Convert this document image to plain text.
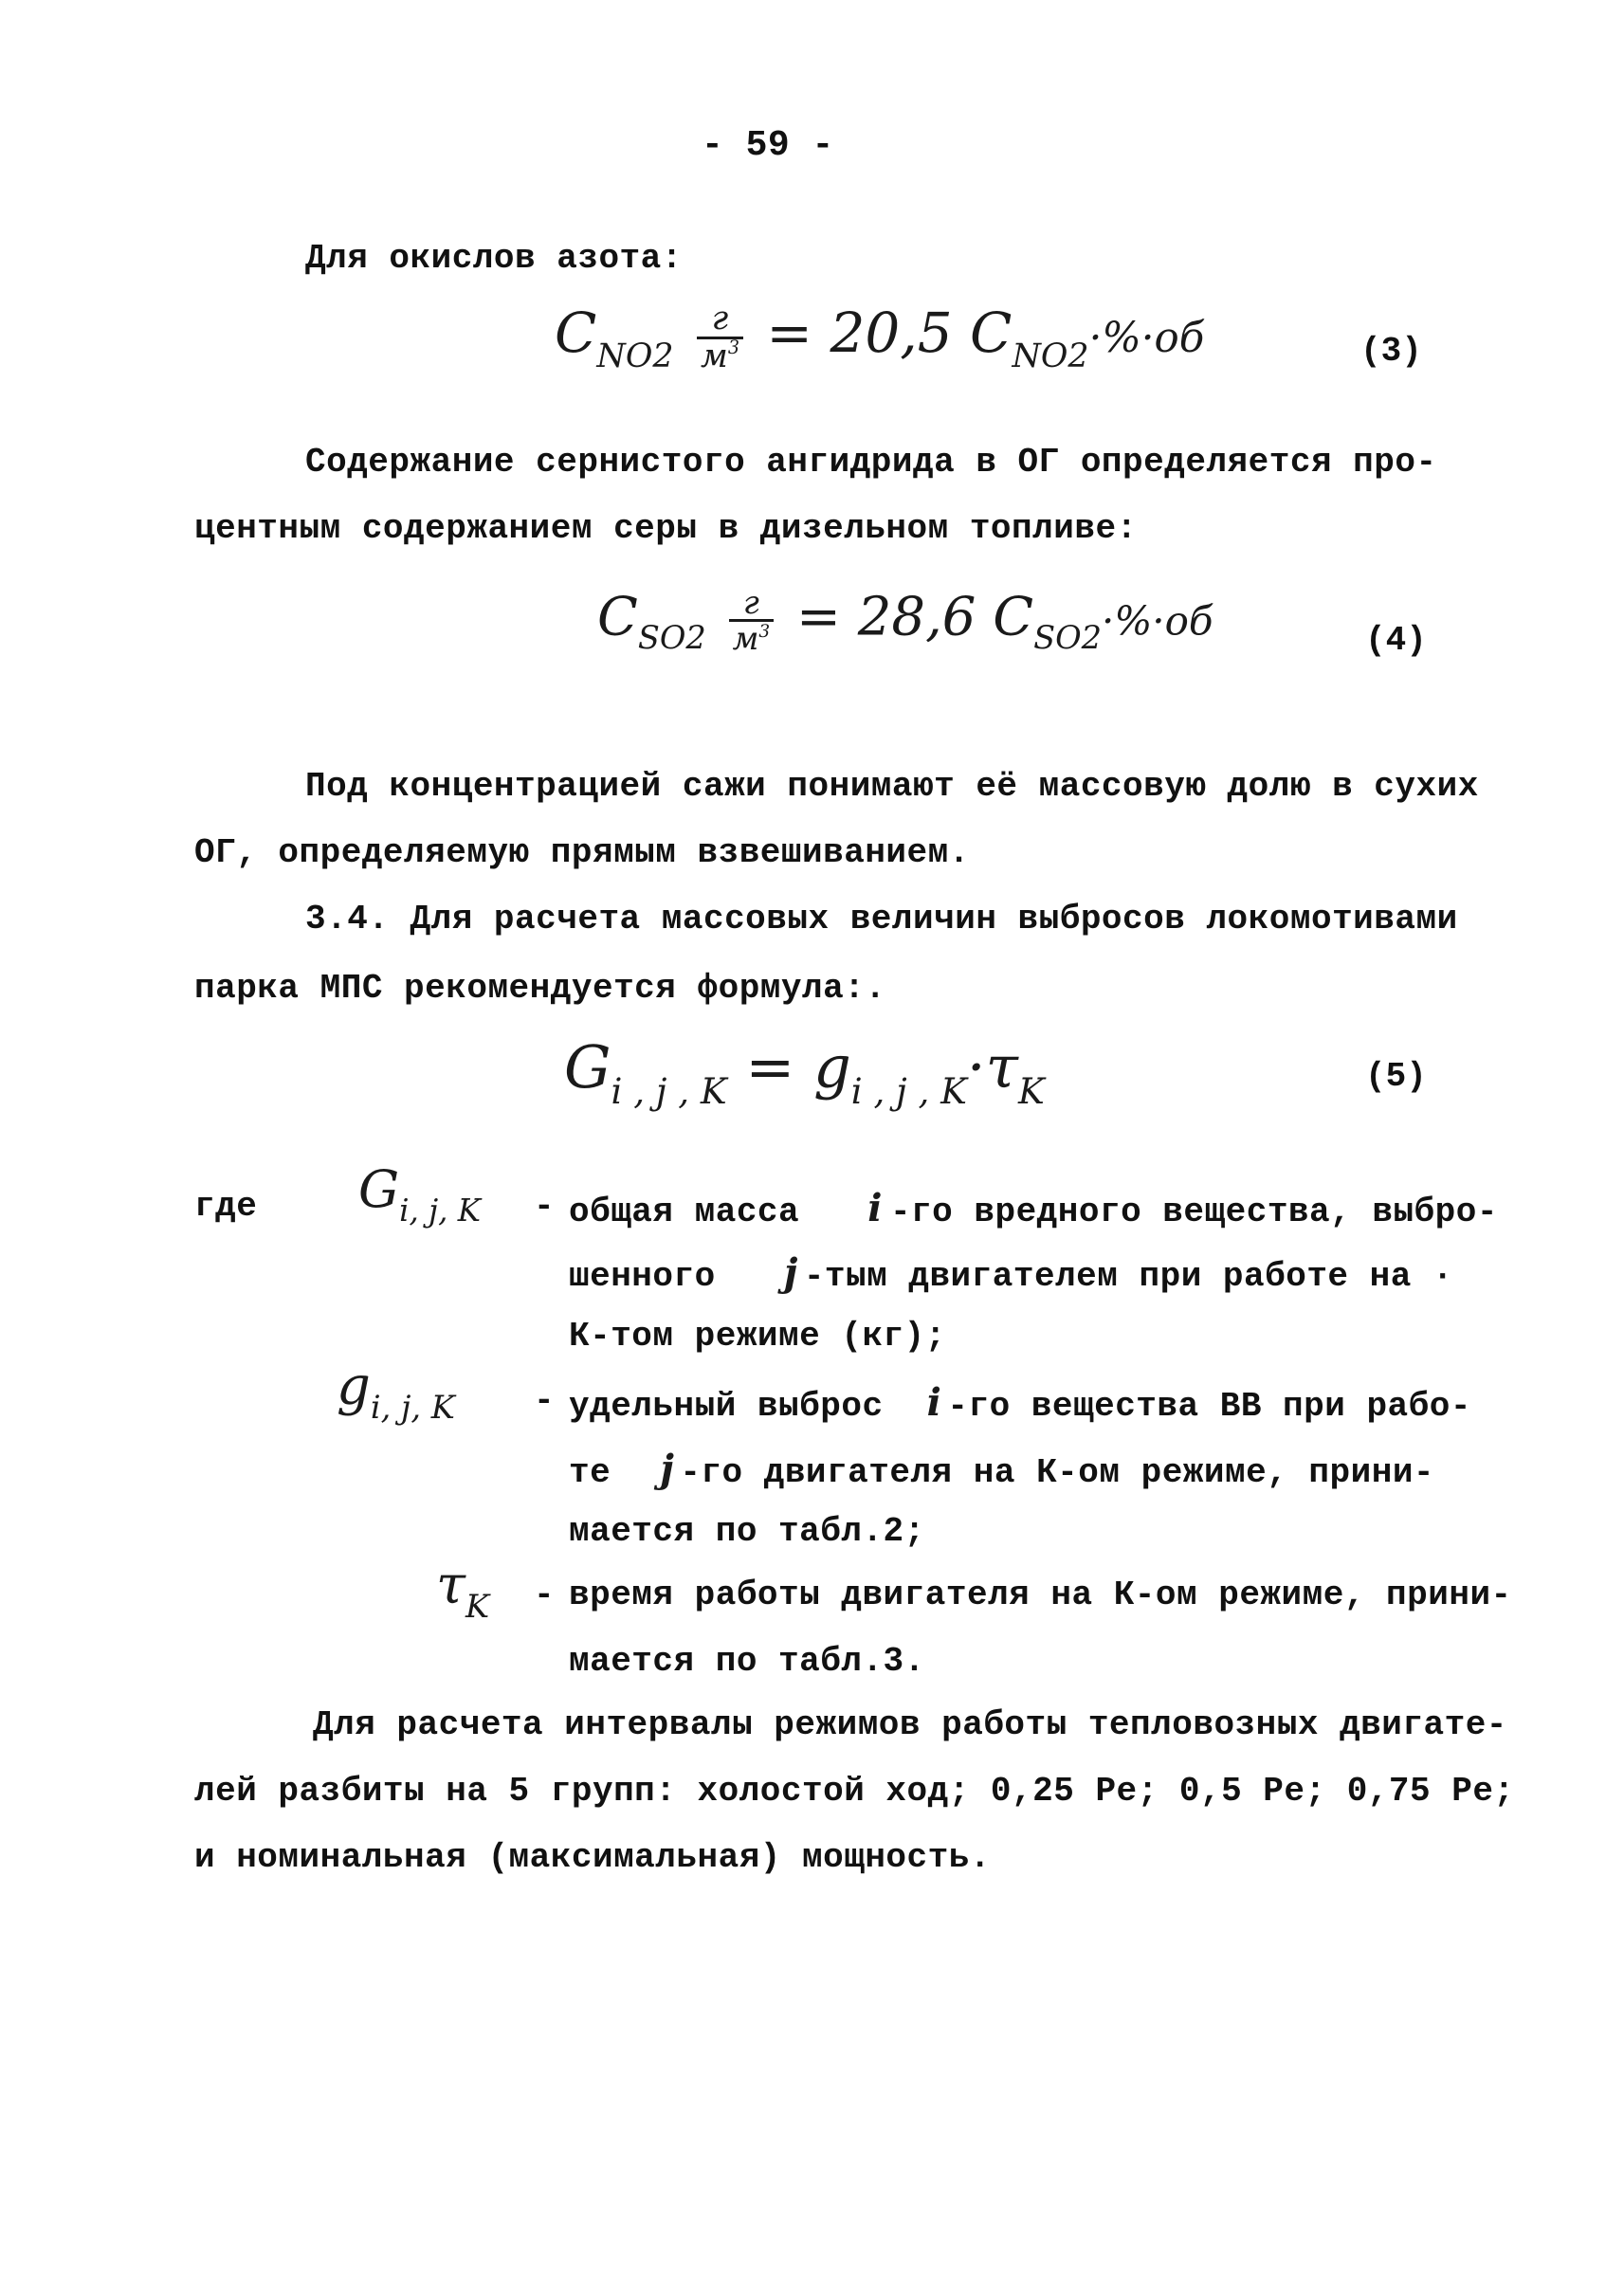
- 59 -
Для окислов азота:
$C_{NO2} \frac{г}{м^3} = 20,5$ $C_{NO2}\cdot\%\cdot об$	(3)
Содержание сернистого ангидрида в ОГ определяется про-
центным содержанием серы в дизельном топливе:
$C_{SO2} \frac{г}{м^3} = 28,6$ $C_{SO2}\cdot\%\cdot об$	(4)
Под концентрацией сажи понимают её массовую долю в сухих
ОГ, определяемую прямым взвешиванием.
3.4. Для расчета массовых величин выбросов локомотивами
парка МПС рекомендуется формула:.
$G_{i , j , K} = g_{i , j , K}\cdot\tau_K$	(5)
где $G_{i, j, K}$ - общая масса i -го вредного вещества, выбро-
шенного j -тым двигателем при работе на ·
К-том режиме (кг);
$g_{i, j, K}$ - удельный выброс i -го вещества ВВ при рабо-
те j -го двигателя на К-ом режиме, прини-
мается по табл.2;
$\tau_K$ - время работы двигателя на К-ом режиме, прини-
мается по табл.3.
Для расчета интервалы режимов работы тепловозных двигате-
лей разбиты на 5 групп: холостой ход; 0,25 Ре; 0,5 Ре; 0,75 Ре;
и номинальная (максимальная) мощность.
